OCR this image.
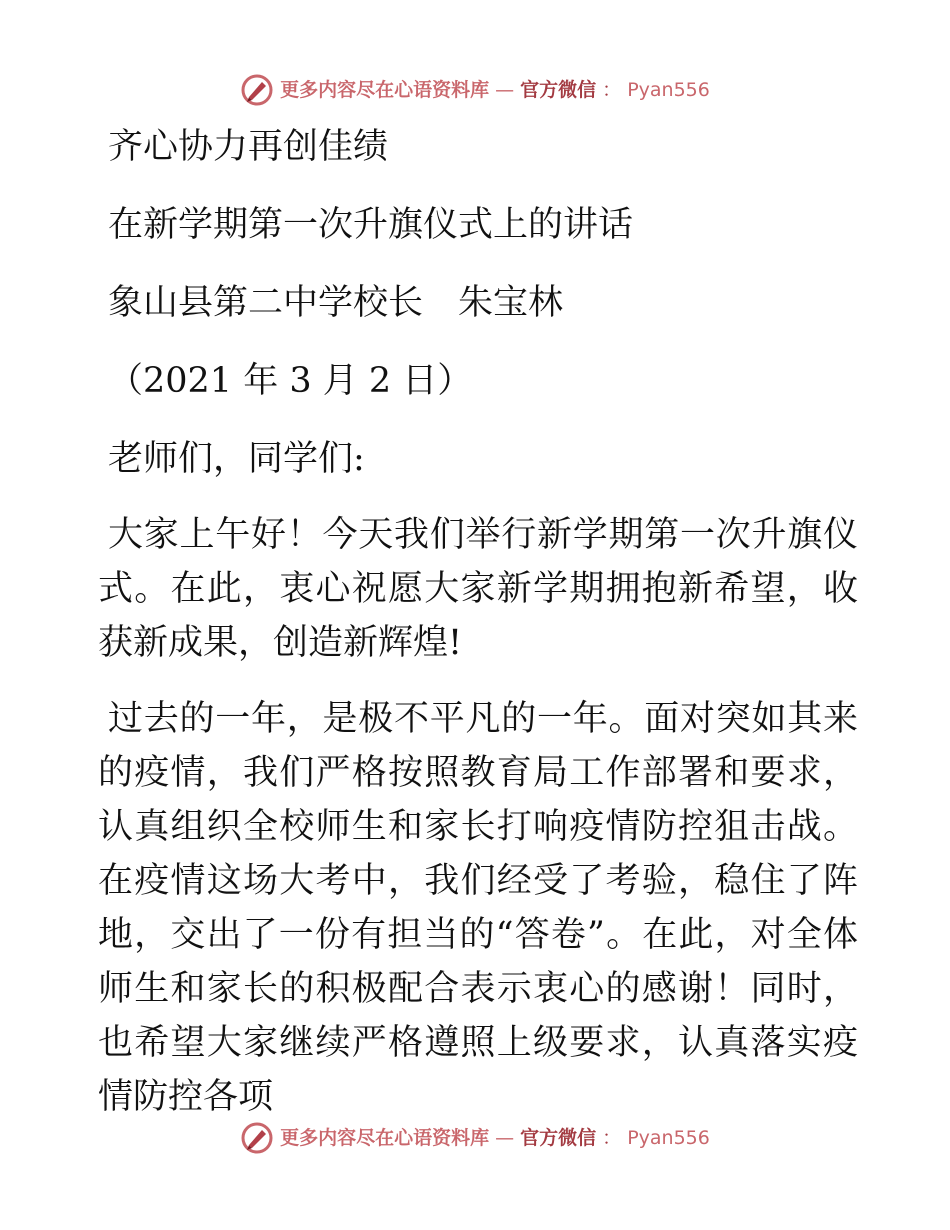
更多内容尽在心语资料库 — 官方微信 ： Pyan556

齐心协力再创佳绩

在新学期第一次升旗仪式上的讲话

象山县第二中学校长　朱宝林

（2021 年 3 月 2 日）

老师们，同学们:

大家上午好！今天我们举行新学期第一次升旗仪式。在此，衷心祝愿大家新学期拥抱新希望，收获新成果，创造新辉煌!

过去的一年，是极不平凡的一年。面对突如其来的疫情，我们严格按照教育局工作部署和要求，认真组织全校师生和家长打响疫情防控狙击战。在疫情这场大考中，我们经受了考验，稳住了阵地，交出了一份有担当的“答卷”。在此，对全体师生和家长的积极配合表示衷心的感谢！同时，也希望大家继续严格遵照上级要求，认真落实疫情防控各项

更多内容尽在心语资料库 — 官方微信 ： Pyan556
